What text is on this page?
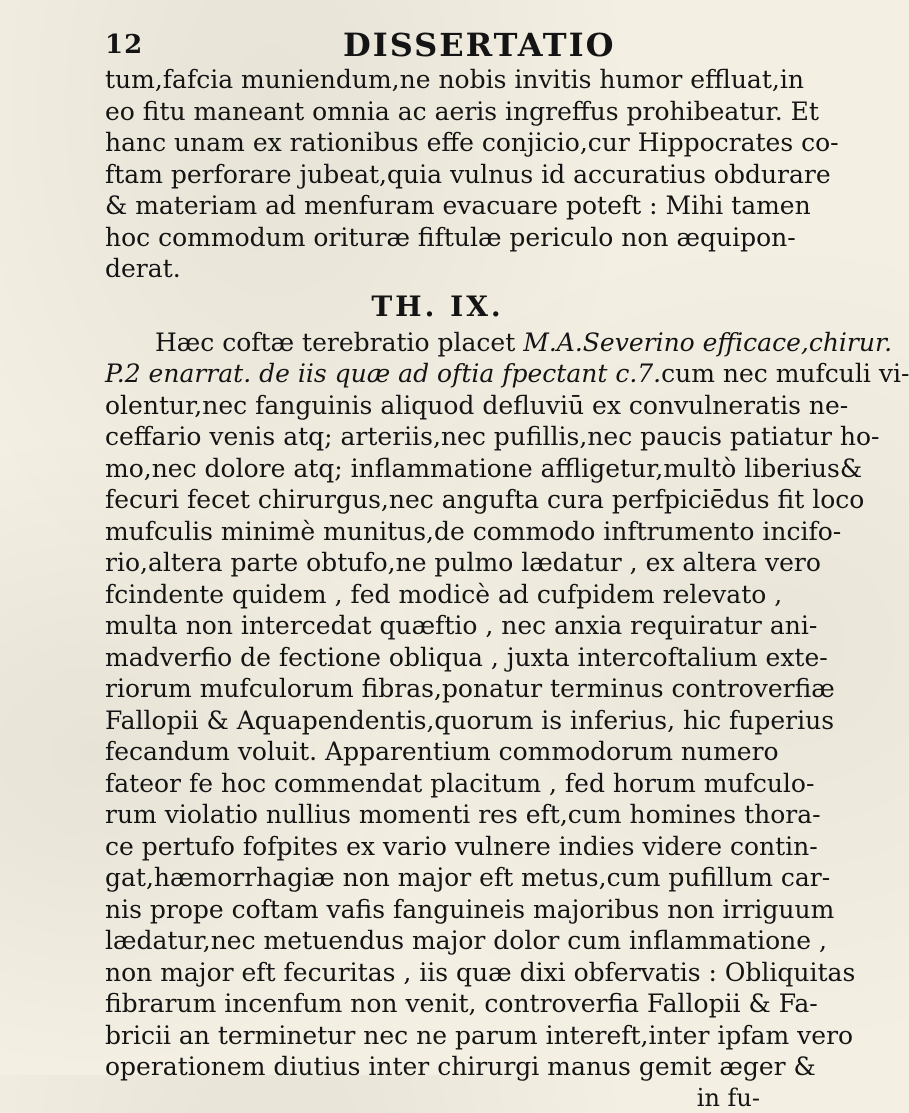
12	DISSERTATIO
tum,fafcia muniendum,ne nobis invitis humor effluat,in
eo fitu maneant omnia ac aeris ingreffus prohibeatur. Et
hanc unam ex rationibus effe conjicio,cur Hippocrates co-
ftam perforare jubeat,quia vulnus id accuratius obdurare
& materiam ad menfuram evacuare poteft : Mihi tamen
hoc commodum orituræ fiftulæ periculo non æquipon-
derat.
TH. IX.
Hæc coftæ terebratio placet M.A.Severino efficace,chirur.
P.2 enarrat. de iis quæ ad oftia fpectant c.7.cum nec mufculi vi-
olentur,nec fanguinis aliquod defluviū ex convulneratis ne-
ceffario venis atq; arteriis,nec pufillis,nec paucis patiatur ho-
mo,nec dolore atq; inflammatione affligetur,multò liberius&
fecuri fecet chirurgus,nec angufta cura perfpiciēdus fit loco
mufculis minimè munitus,de commodo inftrumento incifo-
rio,altera parte obtufo,ne pulmo lædatur , ex altera vero
fcindente quidem , fed modicè ad cufpidem relevato ,
multa non intercedat quæftio , nec anxia requiratur ani-
madverfio de fectione obliqua , juxta intercoftalium exte-
riorum mufculorum fibras,ponatur terminus controverfiæ
Fallopii & Aquapendentis,quorum is inferius, hic fuperius
fecandum voluit. Apparentium commodorum numero
fateor fe hoc commendat placitum , fed horum mufculo-
rum violatio nullius momenti res eft,cum homines thora-
ce pertufo fofpites ex vario vulnere indies videre contin-
gat,hæmorrhagiæ non major eft metus,cum pufillum car-
nis prope coftam vafis fanguineis majoribus non irriguum
lædatur,nec metuendus major dolor cum inflammatione ,
non major eft fecuritas , iis quæ dixi obfervatis : Obliquitas
fibrarum incenfum non venit, controverfia Fallopii & Fa-
bricii an terminetur nec ne parum intereft,inter ipfam vero
operationem diutius inter chirurgi manus gemit æger &
in fu-
